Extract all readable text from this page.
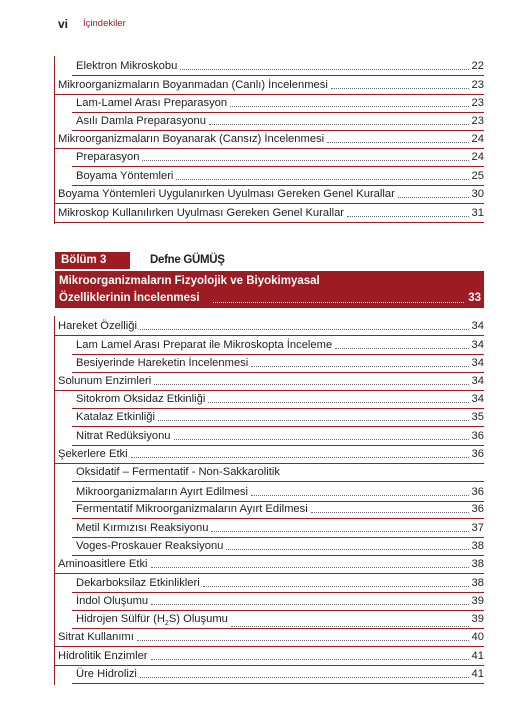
vi İçindekiler
Elektron Mikroskobu	22
Mikroorganizmaların Boyanmadan (Canlı) İncelenmesi	23
Lam-Lamel Arası Preparasyon	23
Asılı Damla Preparasyonu	23
Mikroorganizmaların Boyanarak (Cansız) İncelenmesi	24
Preparasyon	24
Boyama Yöntemleri	25
Boyama Yöntemleri Uygulanırken Uyulması Gereken Genel Kurallar	30
Mikroskop Kullanılırken Uyulması Gereken Genel Kurallar	31
Bölüm 3	Defne GÜMÜŞ
Mikroorganizmaların Fizyolojik ve Biyokimyasal
Özelliklerinin İncelenmesi	33
Hareket Özelliği	34
Lam Lamel Arası Preparat ile Mikroskopta İnceleme	34
Besiyerinde Hareketin İncelenmesi	34
Solunum Enzimleri	34
Sitokrom Oksidaz Etkinliği	34
Katalaz Etkinliği	35
Nitrat Redüksiyonu	36
Şekerlere Etki	36
Oksidatif – Fermentatif - Non-Sakkarolitik
Mikroorganizmaların Ayırt Edilmesi	36
Fermentatif Mikroorganizmaların Ayırt Edilmesi	36
Metil Kırmızısı Reaksiyonu	37
Voges-Proskauer Reaksiyonu	38
Aminoasitlere Etki	38
Dekarboksilaz Etkinlikleri	38
İndol Oluşumu	39
Hidrojen Sülfür $(H_2S)$ Oluşumu	39
Sitrat Kullanımı	40
Hidrolitik Enzimler	41
Üre Hidrolizi	41
